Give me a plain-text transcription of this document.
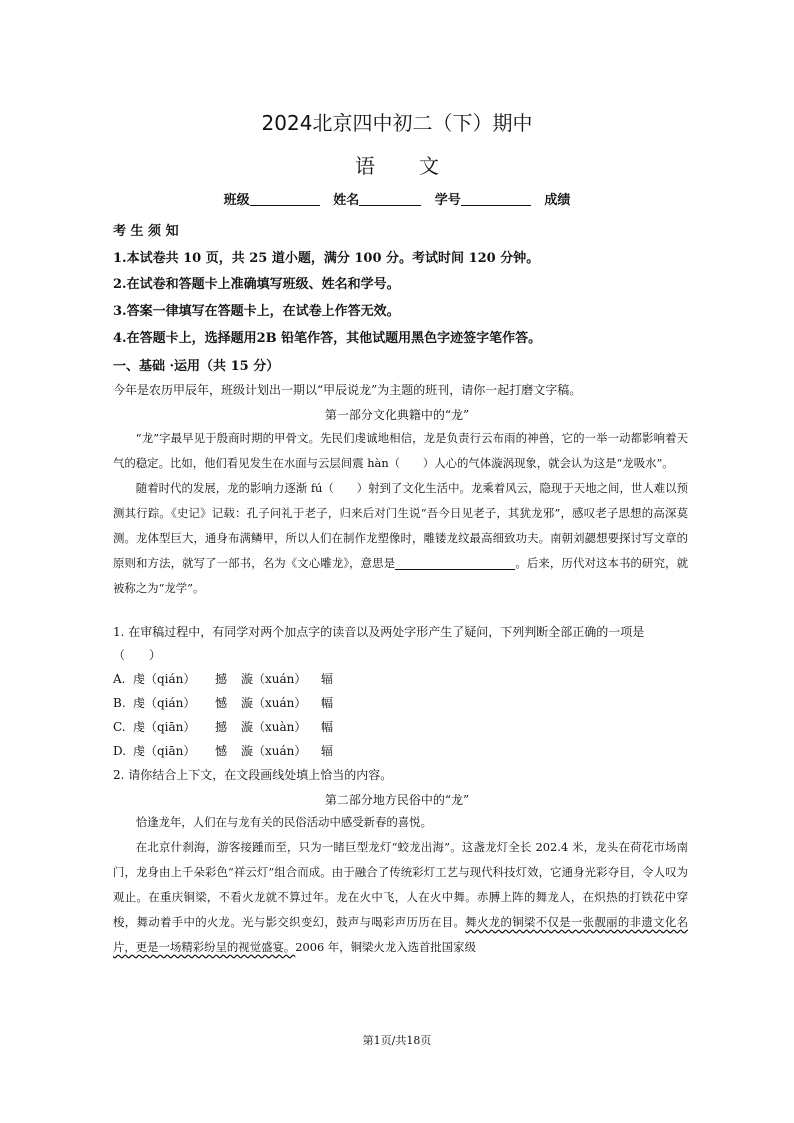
2024北京四中初二（下）期中
语文
班级	姓名	学号	成绩
考 生 须 知
1.本试卷共 10 页，共 25 道小题，满分 100 分。考试时间 120 分钟。
2.在试卷和答题卡上准确填写班级、姓名和学号。
3.答案一律填写在答题卡上，在试卷上作答无效。
4.在答题卡上，选择题用2B 铅笔作答，其他试题用黑色字迹签字笔作答。
一、基础 ·运用（共 15 分）
今年是农历甲辰年，班级计划出一期以“甲辰说龙”为主题的班刊，请你一起打磨文字稿。
第一部分文化典籍中的“龙”

“龙”字最早见于殷商时期的甲骨文。先民们虔诚地相信，龙是负责行云布雨的神兽，它的一举一动都影响着天气的稳定。比如，他们看见发生在水面与云层间震 hàn（　　）人心的气体漩涡现象，就会认为这是“龙吸水”。

随着时代的发展，龙的影响力逐渐 fú（　　）射到了文化生活中。龙乘着风云，隐现于天地之间，世人难以预测其行踪。《史记》记载：孔子问礼于老子，归来后对门生说“吾今日见老子，其犹龙邪”，感叹老子思想的高深莫测。龙体型巨大，通身布满鳞甲，所以人们在制作龙塑像时，雕镂龙纹最高细致功夫。南朝刘勰想要探讨写文章的原则和方法，就写了一部书，名为《文心雕龙》，意思是	。后来，历代对这本书的研究，就被称之为“龙学”。

1. 在审稿过程中，有同学对两个加点字的读音以及两处字形产生了疑问，下列判断全部正确的一项是
（　　）
A. 虔（qián） 撼 漩（xuán） 辐
B. 虔（qián） 憾 漩（xuán） 幅
C. 虔（qiān） 撼 漩（xuàn） 幅
D. 虔（qiān） 憾 漩（xuán） 辐
2. 请你结合上下文，在文段画线处填上恰当的内容。
第二部分地方民俗中的“龙”

恰逢龙年，人们在与龙有关的民俗活动中感受新春的喜悦。

在北京什刹海，游客接踵而至，只为一睹巨型龙灯“蛟龙出海”。这盏龙灯全长 202.4 米，龙头在荷花市场南门，龙身由上千朵彩色“祥云灯”组合而成。由于融合了传统彩灯工艺与现代科技灯效，它通身光彩夺目，令人叹为观止。在重庆铜梁，不看火龙就不算过年。龙在火中飞，人在火中舞。赤膊上阵的舞龙人，在炽热的打铁花中穿梭，舞动着手中的火龙。光与影交织变幻，鼓声与喝彩声历历在目。舞火龙的铜梁不仅是一张靓丽的非遗文化名片，更是一场精彩纷呈的视觉盛宴。2006 年，铜梁火龙入选首批国家级

第1页/共18页
